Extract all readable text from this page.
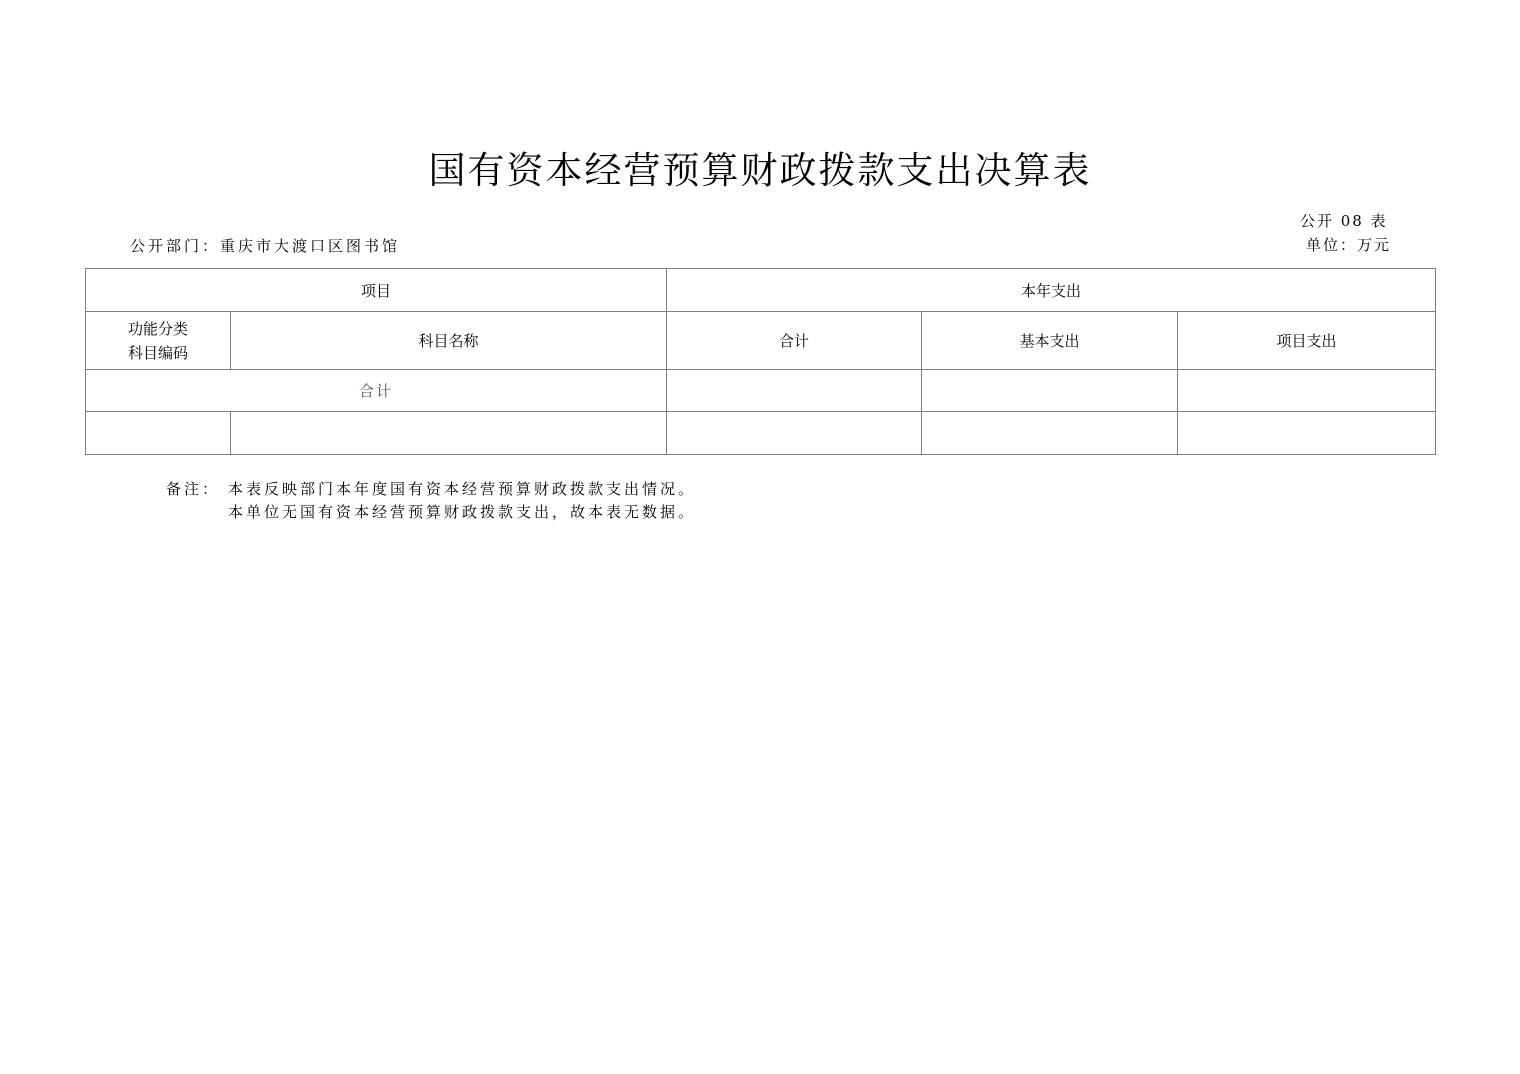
国有资本经营预算财政拨款支出决算表
公开 08 表
单位：万元
公开部门：重庆市大渡口区图书馆
项目		本年支出		

功能分类
科目编码	科目名称	合计	基本支出	项目支出
合计				

备注： 本表反映部门本年度国有资本经营预算财政拨款支出情况。
本单位无国有资本经营预算财政拨款支出，故本表无数据。
